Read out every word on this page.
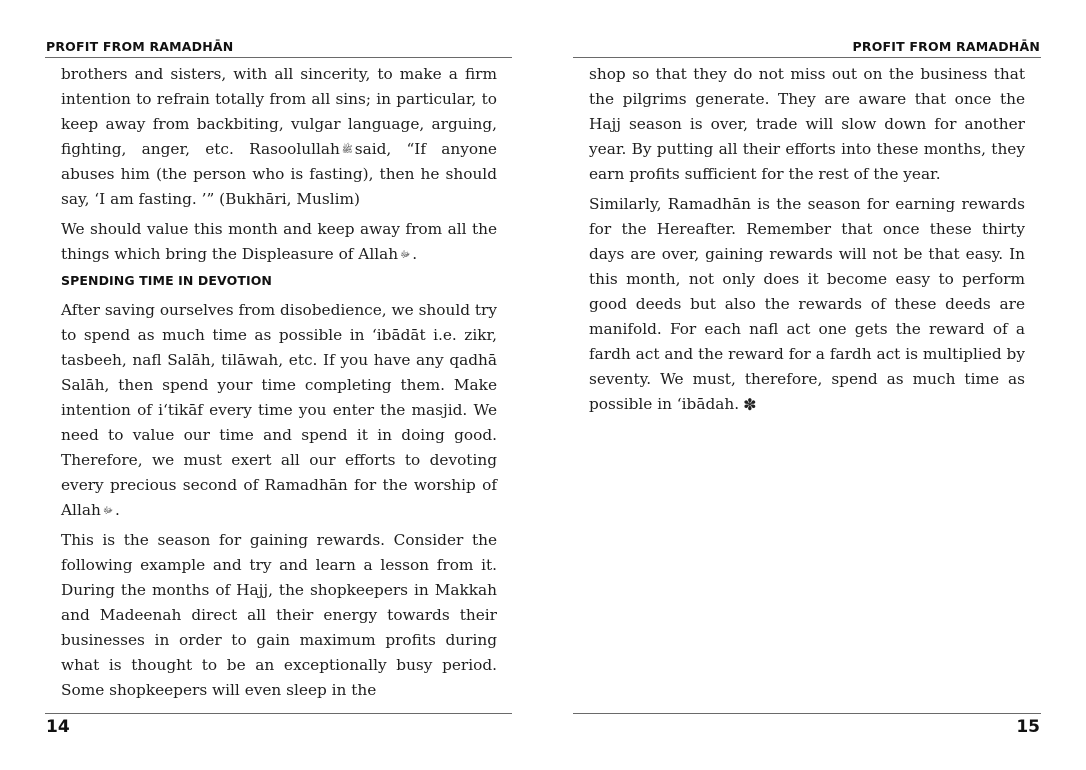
PROFIT FROM RAMADHĀN

brothers and sisters, with all sincerity, to make a firm intention to refrain totally from all sins; in particular, to keep away from backbiting, vulgar language, arguing, fighting, anger, etc. Rasoolullah ﷺ said, “If anyone abuses him (the person who is fasting), then he should say, ‘I am fasting. ’” (Bukhāri, Muslim)

We should value this month and keep away from all the things which bring the Displeasure of Allah ﷻ .

SPENDING TIME IN DEVOTION

After saving ourselves from disobedience, we should try to spend as much time as possible in ‘ibādāt i.e. zikr, tasbeeh, nafl Salāh, tilāwah, etc. If you have any qadhā Salāh, then spend your time completing them. Make intention of i‘tikāf every time you enter the masjid. We need to value our time and spend it in doing good. Therefore, we must exert all our efforts to devoting every precious second of Ramadhān for the worship of Allah ﷻ .

This is the season for gaining rewards. Consider the following example and try and learn a lesson from it. During the months of Hajj, the shopkeepers in Makkah and Madeenah direct all their energy towards their businesses in order to gain maximum profits during what is thought to be an exceptionally busy period. Some shopkeepers will even sleep in the

14
PROFIT FROM RAMADHĀN

shop so that they do not miss out on the business that the pilgrims generate. They are aware that once the Hajj season is over, trade will slow down for another year. By putting all their efforts into these months, they earn profits sufficient for the rest of the year.

Similarly, Ramadhān is the season for earning rewards for the Hereafter. Remember that once these thirty days are over, gaining rewards will not be that easy. In this month, not only does it become easy to perform good deeds but also the rewards of these deeds are manifold. For each nafl act one gets the reward of a fardh act and the reward for a fardh act is multiplied by seventy. We must, therefore, spend as much time as possible in ‘ibādah. ✽

15
